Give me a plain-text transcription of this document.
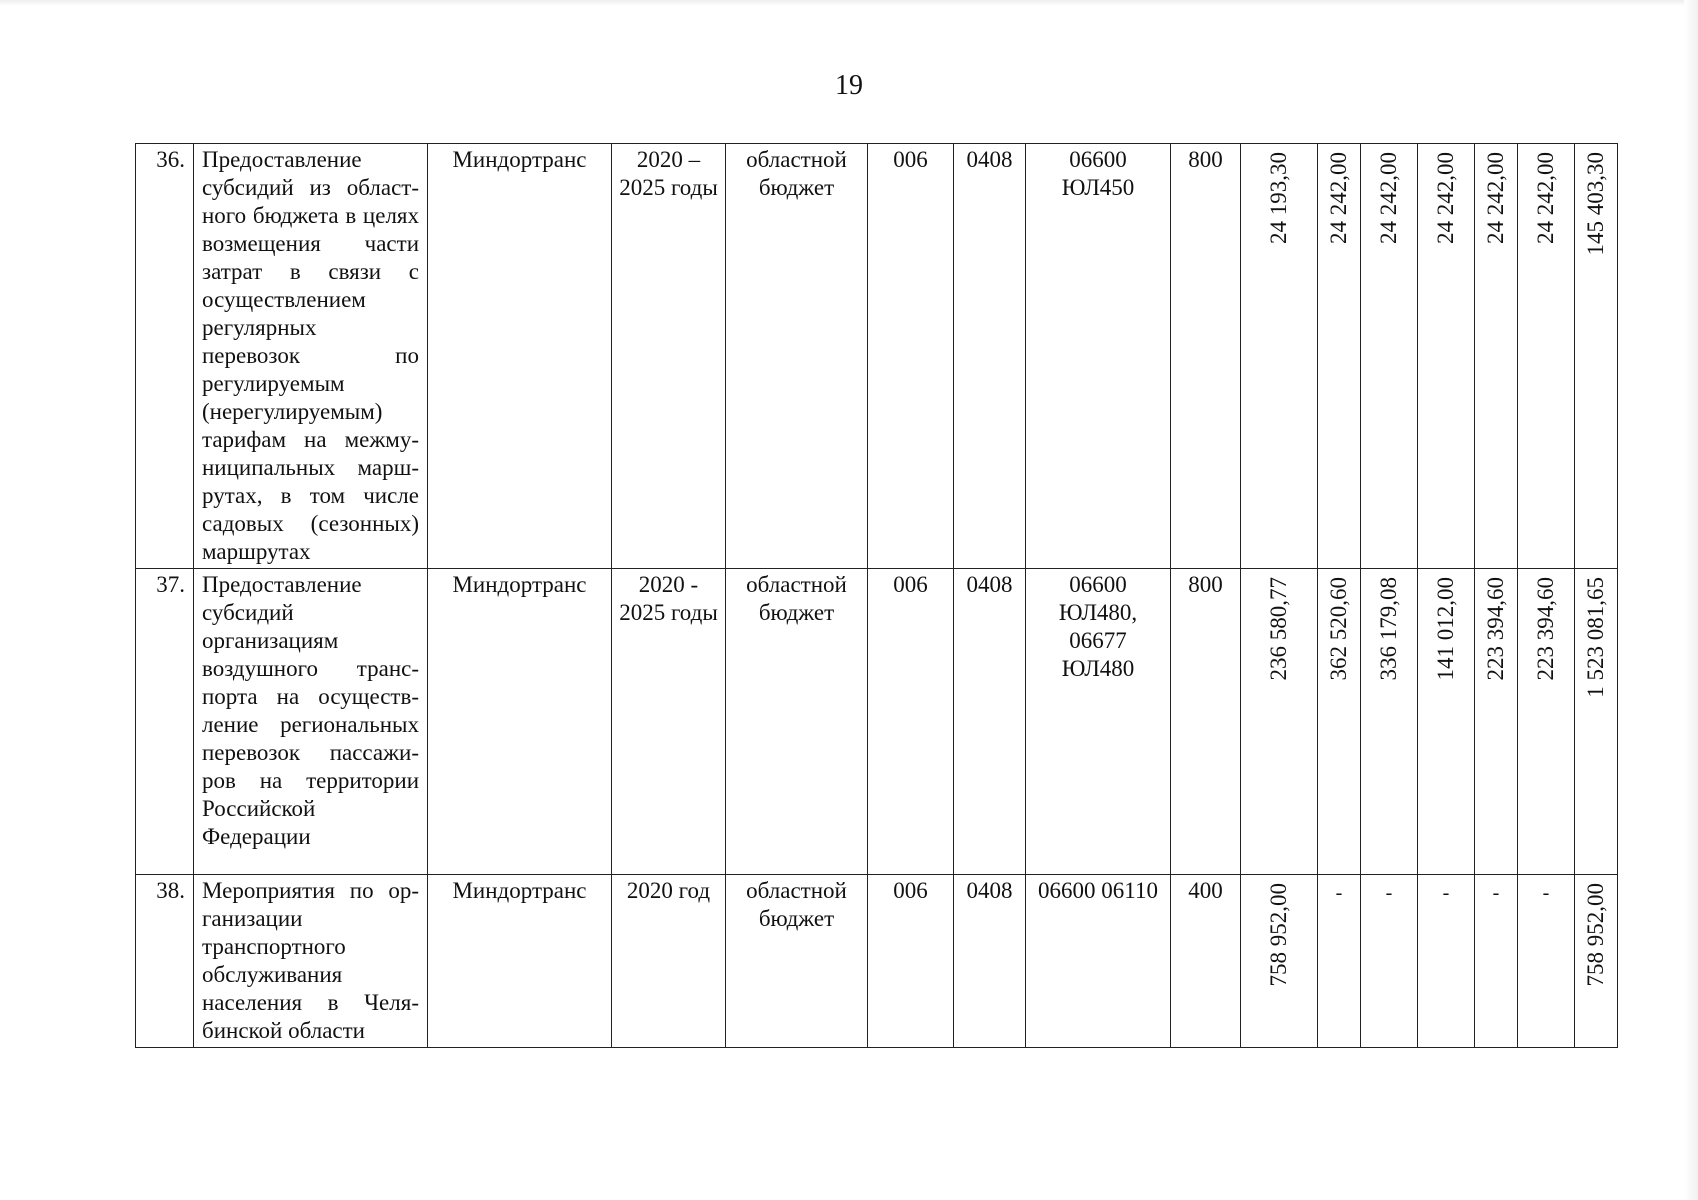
19
36.	Предоставление субсидий из област-ного бюджета в целях возмещения части затрат в связи с осуществлением регулярных перевозок по регулируемым (нерегулируемым) тарифам на межму-ниципальных марш-рутах, в том числе садовых (сезонных) маршрутах	Миндортранс	2020 – 2025 годы	областной бюджет	006	0408	06600 ЮЛ450	800	24 193,30	24 242,00	24 242,00	24 242,00	24 242,00	24 242,00	145 403,30

37.	Предоставление субсидий организациям воздушного транс-порта на осуществ-ление региональных перевозок пассажи-ров на территории Российской Федерации	Миндортранс	2020 - 2025 годы	областной бюджет	006	0408	06600 ЮЛ480, 06677 ЮЛ480	800	236 580,77	362 520,60	336 179,08	141 012,00	223 394,60	223 394,60	1 523 081,65

38.	Мероприятия по ор-ганизации транспортного обслуживания населения в Челя-бинской области	Миндортранс	2020 год	областной бюджет	006	0408	06600 06110	400	758 952,00	-	-	-	-	-	758 952,00
